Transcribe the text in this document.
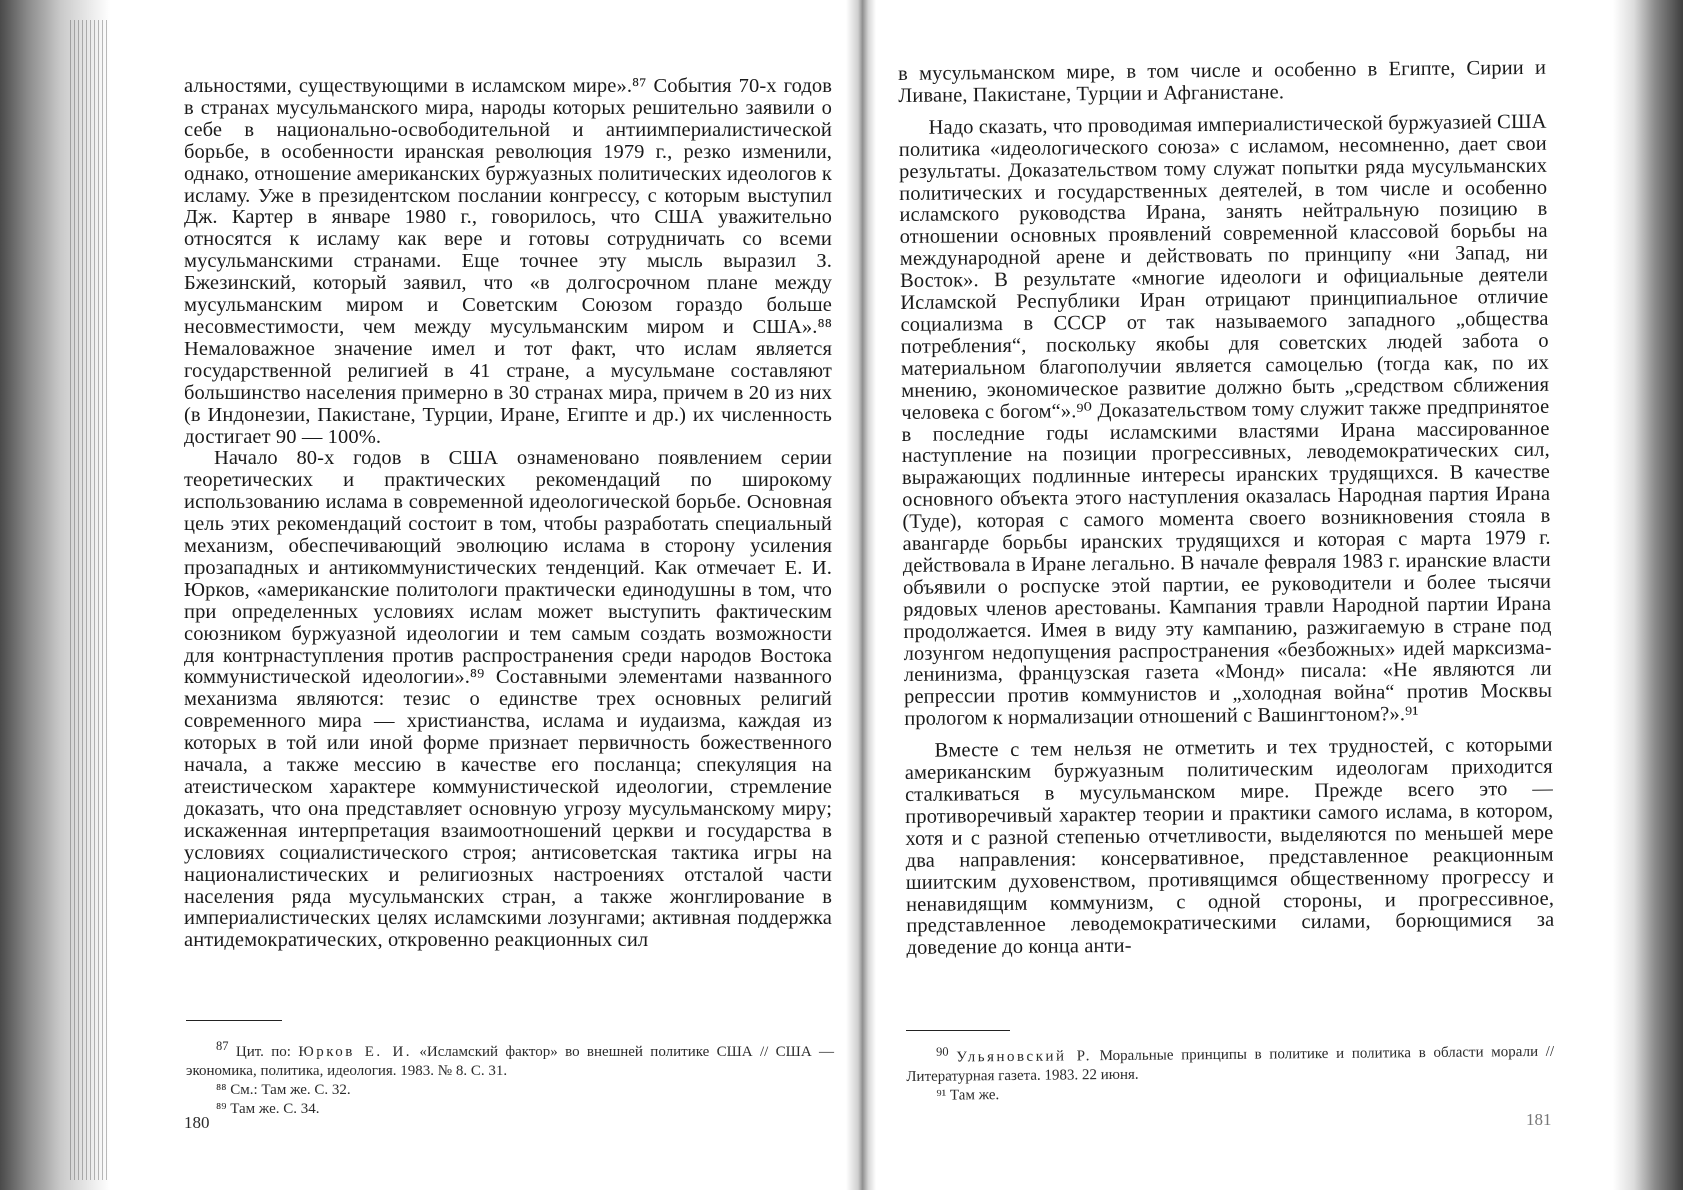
альностями, существующими в исламском мире».⁸⁷ События 70-х годов в странах мусульманского мира, народы которых решительно заявили о себе в национально-освободительной и антиимпериалистической борьбе, в особенности иранская революция 1979 г., резко изменили, однако, отношение американских буржуазных политических идеологов к исламу. Уже в президентском послании конгрессу, с которым выступил Дж. Картер в январе 1980 г., говорилось, что США уважительно относятся к исламу как вере и готовы сотрудничать со всеми мусульманскими странами. Еще точнее эту мысль выразил З. Бжезинский, который заявил, что «в долгосрочном плане между мусульманским миром и Советским Союзом гораздо больше несовместимости, чем между мусульманским миром и США».⁸⁸ Немаловажное значение имел и тот факт, что ислам является государственной религией в 41 стране, а мусульмане составляют большинство населения примерно в 30 странах мира, причем в 20 из них (в Индонезии, Пакистане, Турции, Иране, Египте и др.) их численность достигает 90 — 100%.

Начало 80-х годов в США ознаменовано появлением серии теоретических и практических рекомендаций по широкому использованию ислама в современной идеологической борьбе. Основная цель этих рекомендаций состоит в том, чтобы разработать специальный механизм, обеспечивающий эволюцию ислама в сторону усиления прозападных и антикоммунистических тенденций. Как отмечает Е. И. Юрков, «американские политологи практически единодушны в том, что при определенных условиях ислам может выступить фактическим союзником буржуазной идеологии и тем самым создать возможности для контрнаступления против распространения среди народов Востока коммунистической идеологии».⁸⁹ Составными элементами названного механизма являются: тезис о единстве трех основных религий современного мира — христианства, ислама и иудаизма, каждая из которых в той или иной форме признает первичность божественного начала, а также мессию в качестве его посланца; спекуляция на атеистическом характере коммунистической идеологии, стремление доказать, что она представляет основную угрозу мусульманскому миру; искаженная интерпретация взаимоотношений церкви и государства в условиях социалистического строя; антисоветская тактика игры на националистических и религиозных настроениях отсталой части населения ряда мусульманских стран, а также жонглирование в империалистических целях исламскими лозунгами; активная поддержка антидемократических, откровенно реакционных сил

$^{87}$ Цит. по: Юрков Е. И. «Исламский фактор» во внешней политике США // США — экономика, политика, идеология. 1983. № 8. С. 31.

⁸⁸ См.: Там же. С. 32.

⁸⁹ Там же. С. 34.

180

в мусульманском мире, в том числе и особенно в Египте, Сирии и Ливане, Пакистане, Турции и Афганистане.

Надо сказать, что проводимая империалистической буржуазией США политика «идеологического союза» с исламом, несомненно, дает свои результаты. Доказательством тому служат попытки ряда мусульманских политических и государственных деятелей, в том числе и особенно исламского руководства Ирана, занять нейтральную позицию в отношении основных проявлений современной классовой борьбы на международной арене и действовать по принципу «ни Запад, ни Восток». В результате «многие идеологи и официальные деятели Исламской Республики Иран отрицают принципиальное отличие социализма в СССР от так называемого западного „общества потребления“, поскольку якобы для советских людей забота о материальном благополучии является самоцелью (тогда как, по их мнению, экономическое развитие должно быть „средством сближения человека с богом“».⁹⁰ Доказательством тому служит также предпринятое в последние годы исламскими властями Ирана массированное наступление на позиции прогрессивных, леводемократических сил, выражающих подлинные интересы иранских трудящихся. В качестве основного объекта этого наступления оказалась Народная партия Ирана (Туде), которая с самого момента своего возникновения стояла в авангарде борьбы иранских трудящихся и которая с марта 1979 г. действовала в Иране легально. В начале февраля 1983 г. иранские власти объявили о роспуске этой партии, ее руководители и более тысячи рядовых членов арестованы. Кампания травли Народной партии Ирана продолжается. Имея в виду эту кампанию, разжигаемую в стране под лозунгом недопущения распространения «безбожных» идей марксизма-ленинизма, французская газета «Монд» писала: «Не являются ли репрессии против коммунистов и „холодная война“ против Москвы прологом к нормализации отношений с Вашингтоном?».⁹¹

Вместе с тем нельзя не отметить и тех трудностей, с которыми американским буржуазным политическим идеологам приходится сталкиваться в мусульманском мире. Прежде всего это — противоречивый характер теории и практики самого ислама, в котором, хотя и с разной степенью отчетливости, выделяются по меньшей мере два направления: консервативное, представленное реакционным шиитским духовенством, противящимся общественному прогрессу и ненавидящим коммунизм, с одной стороны, и прогрессивное, представленное леводемократическими силами, борющимися за доведение до конца анти-

$^{90}$ Ульяновский Р. Моральные принципы в политике и политика в области морали // Литературная газета. 1983. 22 июня.

⁹¹ Там же.

181
